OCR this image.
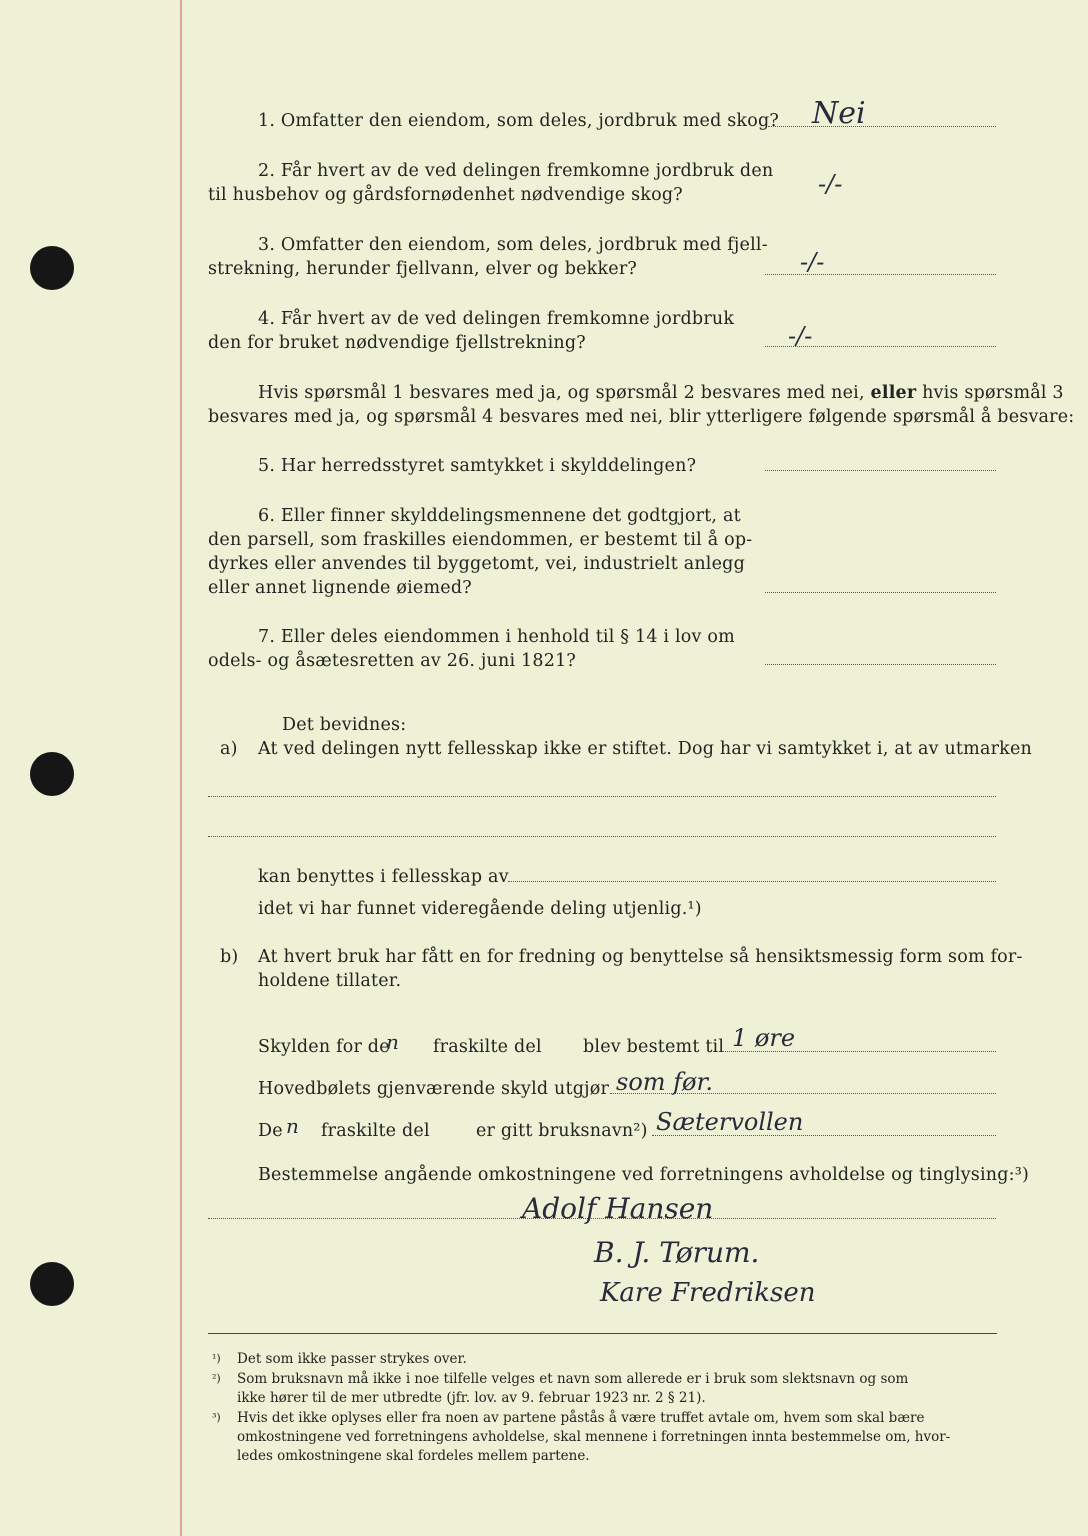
1. Omfatter den eiendom, som deles, jordbruk med skog? Nei
2. Får hvert av de ved delingen fremkomne jordbruk den
til husbehov og gårdsfornødenhet nødvendige skog?	-/-
3. Omfatter den eiendom, som deles, jordbruk med fjell-
strekning, herunder fjellvann, elver og bekker?	-/-
4. Får hvert av de ved delingen fremkomne jordbruk
den for bruket nødvendige fjellstrekning?	-/-
Hvis spørsmål 1 besvares med ja, og spørsmål 2 besvares med nei, eller hvis spørsmål 3
besvares med ja, og spørsmål 4 besvares med nei, blir ytterligere følgende spørsmål å besvare:
5. Har herredsstyret samtykket i skylddelingen?
6. Eller finner skylddelingsmennene det godtgjort, at
den parsell, som fraskilles eiendommen, er bestemt til å op-
dyrkes eller anvendes til byggetomt, vei, industrielt anlegg
eller annet lignende øiemed?
7. Eller deles eiendommen i henhold til § 14 i lov om
odels- og åsætesretten av 26. juni 1821?
Det bevidnes:
a) At ved delingen nytt fellesskap ikke er stiftet. Dog har vi samtykket i, at av utmarken
kan benyttes i fellesskap av
idet vi har funnet videregående deling utjenlig.¹)
b) At hvert bruk har fått en for fredning og benyttelse så hensiktsmessig form som for-
holdene tillater.
Skylden for de
n fraskilte del blev bestemt til 1 øre
Hovedbølets gjenværende skyld utgjør som før.
De n fraskilte del	er gitt bruksnavn²) Sætervollen
Bestemmelse angående omkostningene ved forretningens avholdelse og tinglysing:³)
Adolf Hansen
B. J. Tørum.
Kare Fredriksen
¹) Det som ikke passer strykes over.
²) Som bruksnavn må ikke i noe tilfelle velges et navn som allerede er i bruk som slektsnavn og som
ikke hører til de mer utbredte (jfr. lov. av 9. februar 1923 nr. 2 § 21).
³) Hvis det ikke oplyses eller fra noen av partene påstås å være truffet avtale om, hvem som skal bære
omkostningene ved forretningens avholdelse, skal mennene i forretningen innta bestemmelse om, hvor-
ledes omkostningene skal fordeles mellem partene.
